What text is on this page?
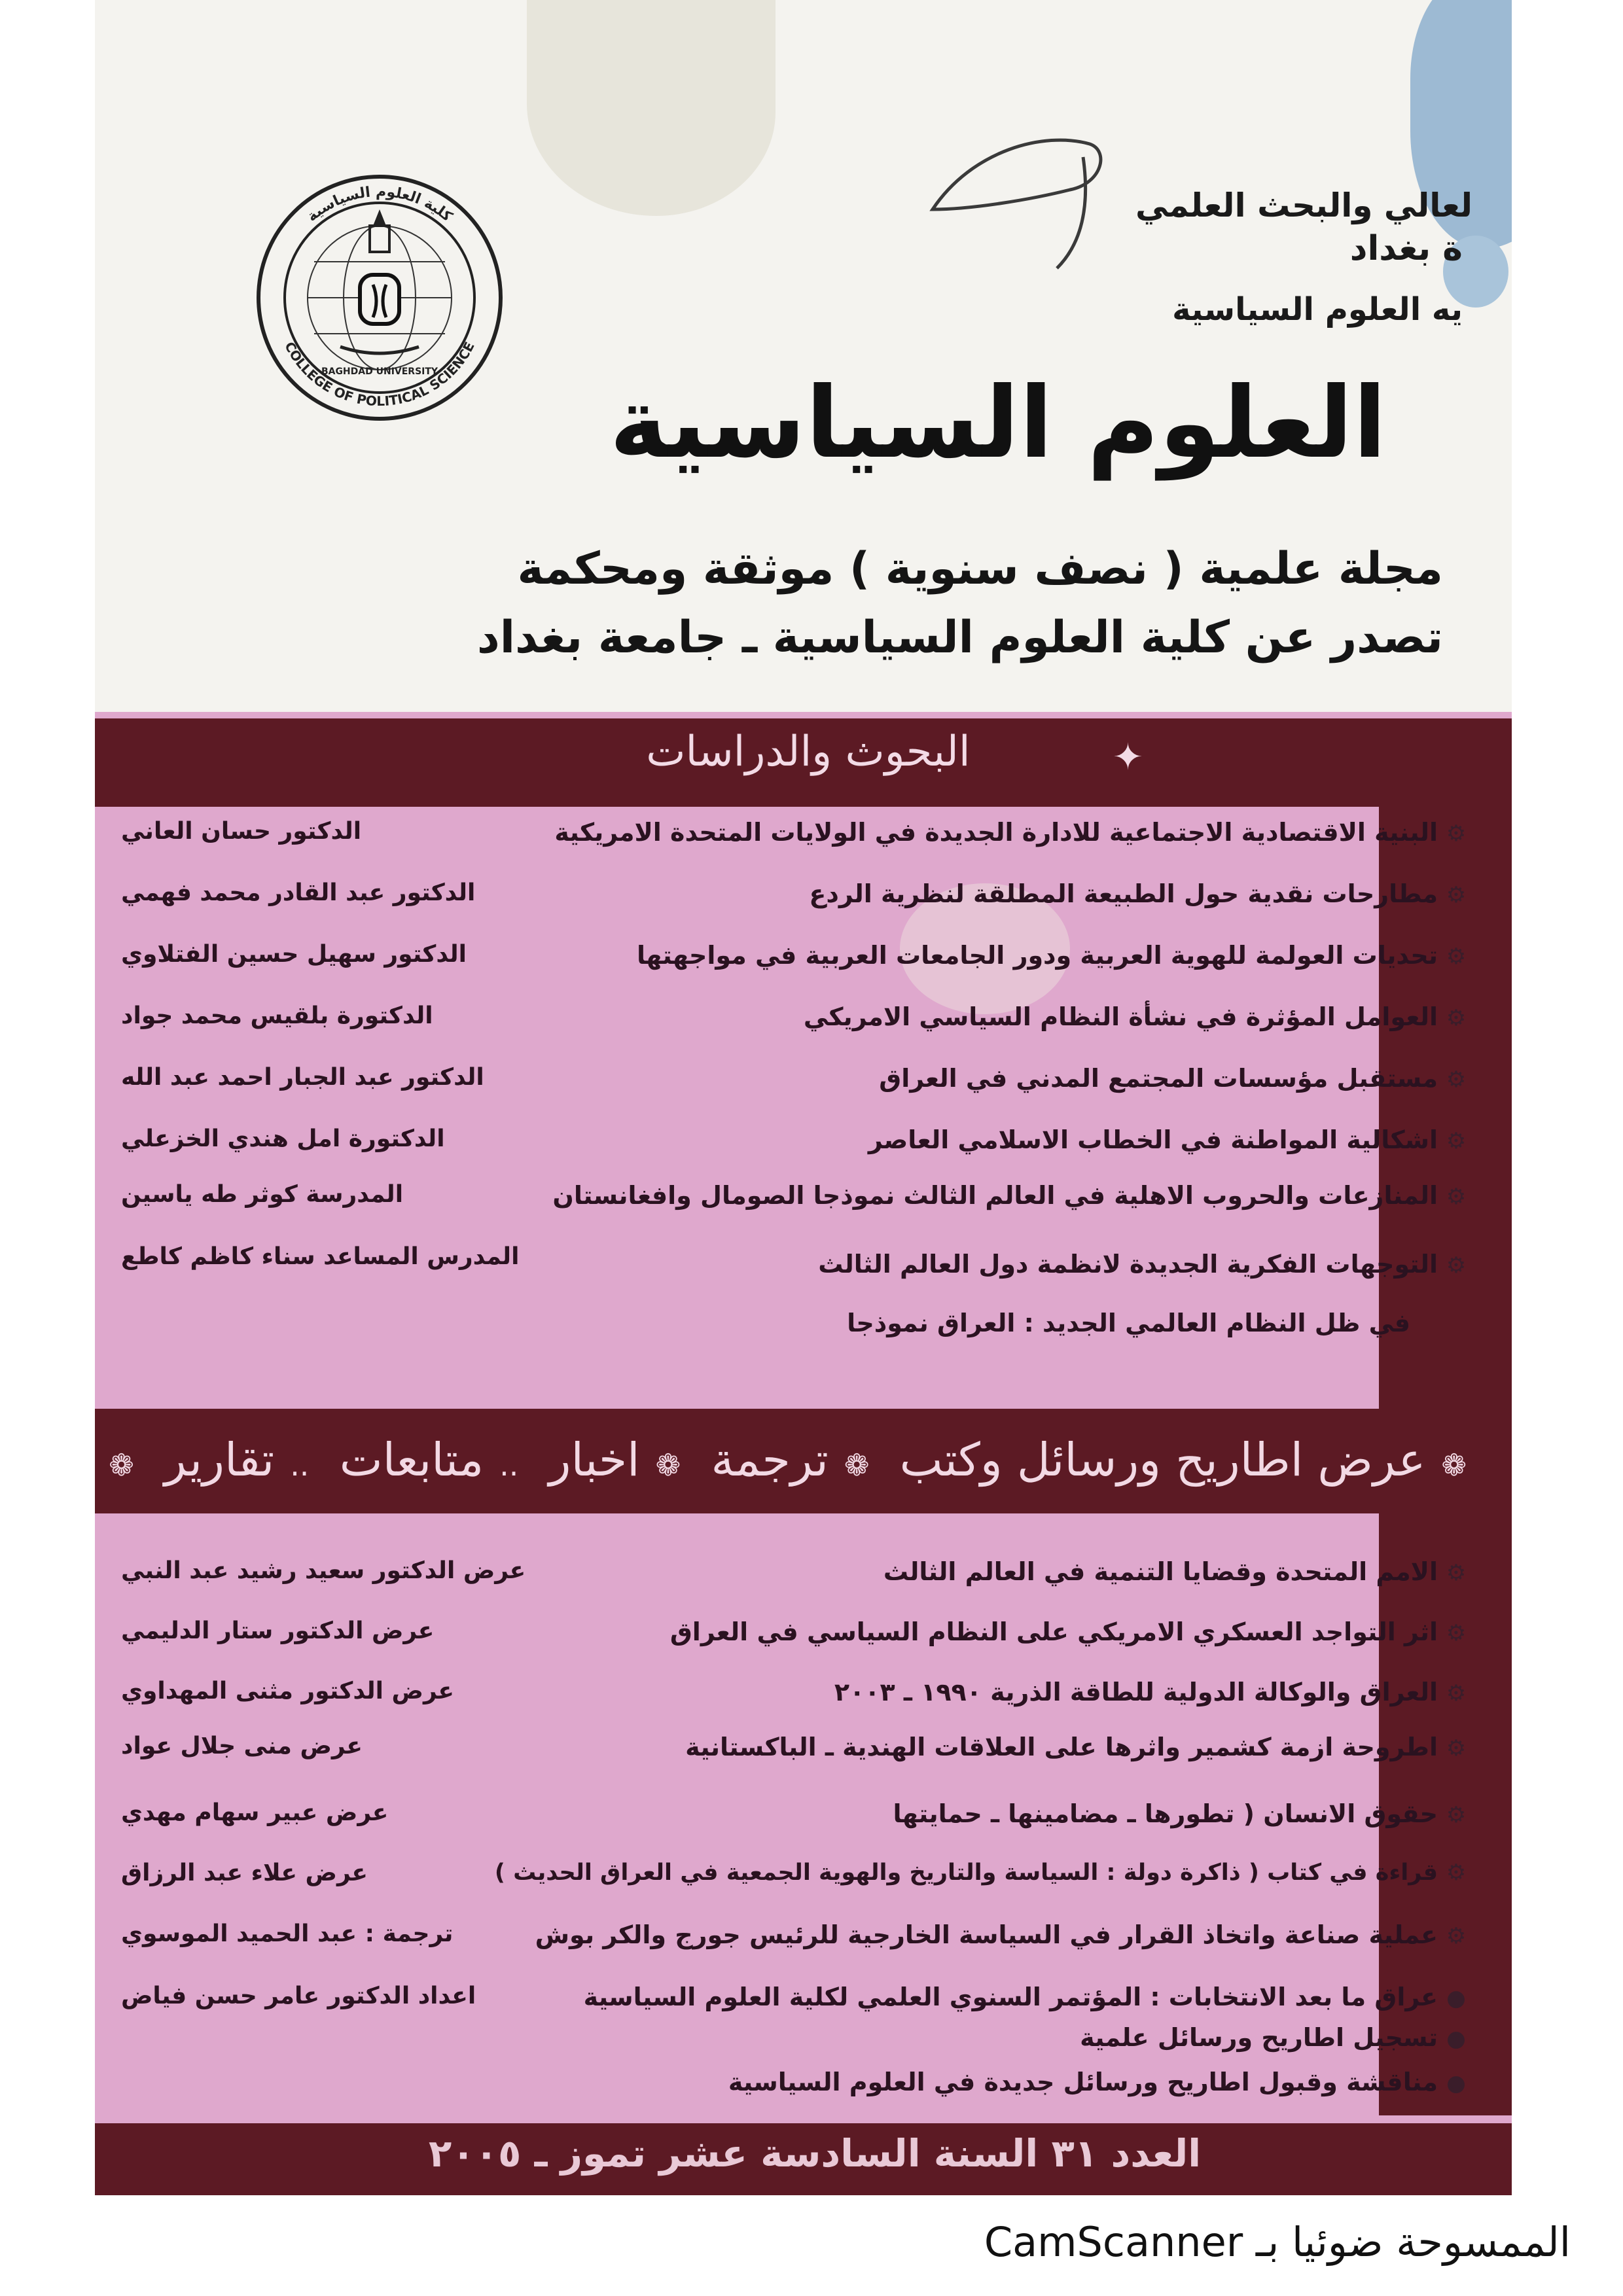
لعالي والبحث العلمي
ة بغداد
يه العلوم السياسية
كلية العلوم السياسية
COLLEGE OF POLITICAL SCIENCE
BAGHDAD UNIVERSITY العلوم السياسية
مجلة علمية ( نصف سنوية ) موثقة ومحكمة
تصدر عن كلية العلوم السياسية ـ جامعة بغداد
البحوث والدراسات	✦
❁عرض اطاريح ورسائل وكتب ❁ترجمة ❁اخبار ..متابعات ..تقارير ❁
⚙البنية الاقتصادية الاجتماعية للادارة الجديدة في الولايات المتحدة الامريكية
⚙مطارحات نقدية حول الطبيعة المطلقة لنظرية الردع
⚙تحديات العولمة للهوية العربية ودور الجامعات العربية في مواجهتها
⚙العوامل المؤثرة في نشأة النظام السياسي الامريكي
⚙مستقبل مؤسسات المجتمع المدني في العراق
⚙اشكالية المواطنة في الخطاب الاسلامي العاصر
⚙المنازعات والحروب الاهلية في العالم الثالث نموذجا الصومال وافغانستان
⚙التوجهات الفكرية الجديدة لانظمة دول العالم الثالث
في ظل النظام العالمي الجديد : العراق نموذجا
الدكتور حسان العاني
الدكتور عبد القادر محمد فهمي
الدكتور سهيل حسين الفتلاوي
الدكتورة بلقيس محمد جواد
الدكتور عبد الجبار احمد عبد الله
الدكتورة امل هندي الخزعلي
المدرسة كوثر طه ياسين
المدرس المساعد سناء كاظم كاطع
⚙الامم المتحدة وقضايا التنمية في العالم الثالث
⚙اثر التواجد العسكري الامريكي على النظام السياسي في العراق
⚙العراق والوكالة الدولية للطاقة الذرية ١٩٩٠ ـ ٢٠٠٣
⚙اطروحة ازمة كشمير واثرها على العلاقات الهندية ـ الباكستانية
⚙حقوق الانسان ( تطورها ـ مضامينها ـ حمايتها
⚙قراءة في كتاب ( ذاكرة دولة : السياسة والتاريخ والهوية الجمعية في العراق الحديث )
⚙عملية صناعة واتخاذ القرار في السياسة الخارجية للرئيس جورج والكر بوش
●عراق ما بعد الانتخابات : المؤتمر السنوي العلمي لكلية العلوم السياسية
●تسجيل اطاريح ورسائل علمية
●مناقشة وقبول اطاريح ورسائل جديدة في العلوم السياسية
عرض الدكتور سعيد رشيد عبد النبي
عرض الدكتور ستار الدليمي
عرض الدكتور مثنى المهداوي
عرض منى جلال عواد
عرض عبير سهام مهدي
عرض علاء عبد الرزاق
ترجمة : عبد الحميد الموسوي
اعداد الدكتور عامر حسن فياض
العدد ٣١ السنة السادسة عشر تموز ـ ٢٠٠٥
الممسوحة ضوئيا بـ CamScanner
